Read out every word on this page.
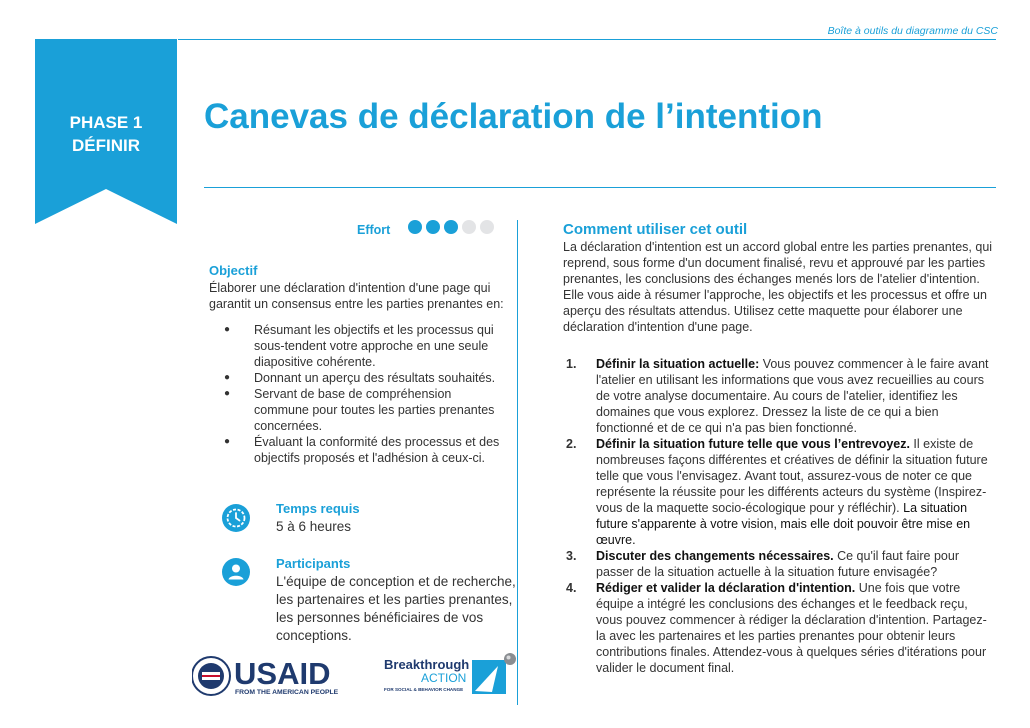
Boîte à outils du diagramme du CSC
PHASE 1
DÉFINIR
Canevas de déclaration de l’intention
Effort
Objectif
Élaborer une déclaration d'intention d'une page qui garantit un consensus entre les parties prenantes en:
● Résumant les objectifs et les processus qui sous-tendent votre approche en une seule diapositive cohérente.
● Donnant un aperçu des résultats souhaités.
● Servant de base de compréhension commune pour toutes les parties prenantes concernées.
● Évaluant la conformité des processus et des objectifs proposés et l'adhésion à ceux-ci.
Temps requis
5 à 6 heures
Participants
L'équipe de conception et de recherche, les partenaires et les parties prenantes, les personnes bénéficiaires de vos conceptions.
USAID
FROM THE AMERICAN PEOPLE
Breakthrough
ACTION
FOR SOCIAL & BEHAVIOR CHANGE
Comment utiliser cet outil
La déclaration d'intention est un accord global entre les parties prenantes, qui reprend, sous forme d'un document finalisé, revu et approuvé par les parties prenantes, les conclusions des échanges menés lors de l'atelier d'intention. Elle vous aide à résumer l'approche, les objectifs et les processus et offre un aperçu des résultats attendus. Utilisez cette maquette pour élaborer une déclaration d'intention d'une page.
1. Définir la situation actuelle: Vous pouvez commencer à le faire avant l'atelier en utilisant les informations que vous avez recueillies au cours de votre analyse documentaire. Au cours de l'atelier, identifiez les domaines que vous explorez. Dressez la liste de ce qui a bien fonctionné et de ce qui n'a pas bien fonctionné.
2. Définir la situation future telle que vous l’entrevoyez. Il existe de nombreuses façons différentes et créatives de définir la situation future telle que vous l'envisagez. Avant tout, assurez-vous de noter ce que représente la réussite pour les différents acteurs du système (Inspirez-vous de la maquette socio-écologique pour y réfléchir). La situation future s'apparente à votre vision, mais elle doit pouvoir être mise en œuvre.
3. Discuter des changements nécessaires. Ce qu'il faut faire pour passer de la situation actuelle à la situation future envisagée?
4. Rédiger et valider la déclaration d'intention. Une fois que votre équipe a intégré les conclusions des échanges et le feedback reçu, vous pouvez commencer à rédiger la déclaration d'intention. Partagez-la avec les partenaires et les parties prenantes pour obtenir leurs contributions finales. Attendez-vous à quelques séries d'itérations pour valider le document final.
